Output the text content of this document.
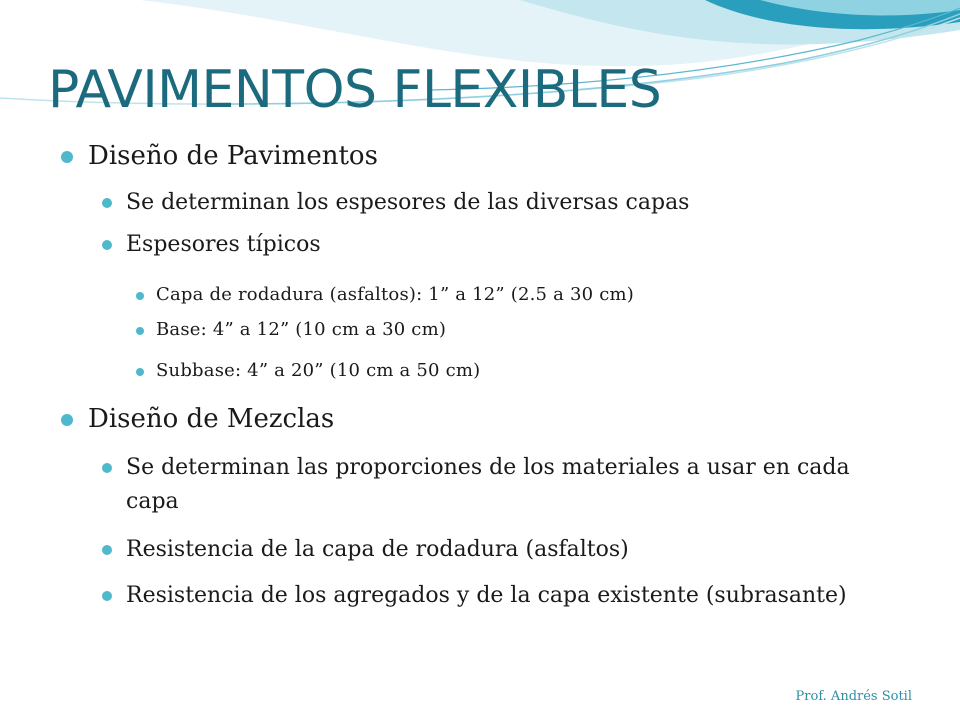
PAVIMENTOS FLEXIBLES
Diseño de Pavimentos
Se determinan los espesores de las diversas capas
Espesores típicos
Capa de rodadura (asfaltos): 1” a 12” (2.5 a 30 cm)
Base: 4” a 12” (10 cm a 30 cm)
Subbase: 4” a 20” (10 cm a 50 cm)
Diseño de Mezclas
Se determinan las proporciones de los materiales a usar en cada capa
Resistencia de la capa de rodadura (asfaltos)
Resistencia de los agregados y de la capa existente (subrasante)
Prof. Andrés Sotil
